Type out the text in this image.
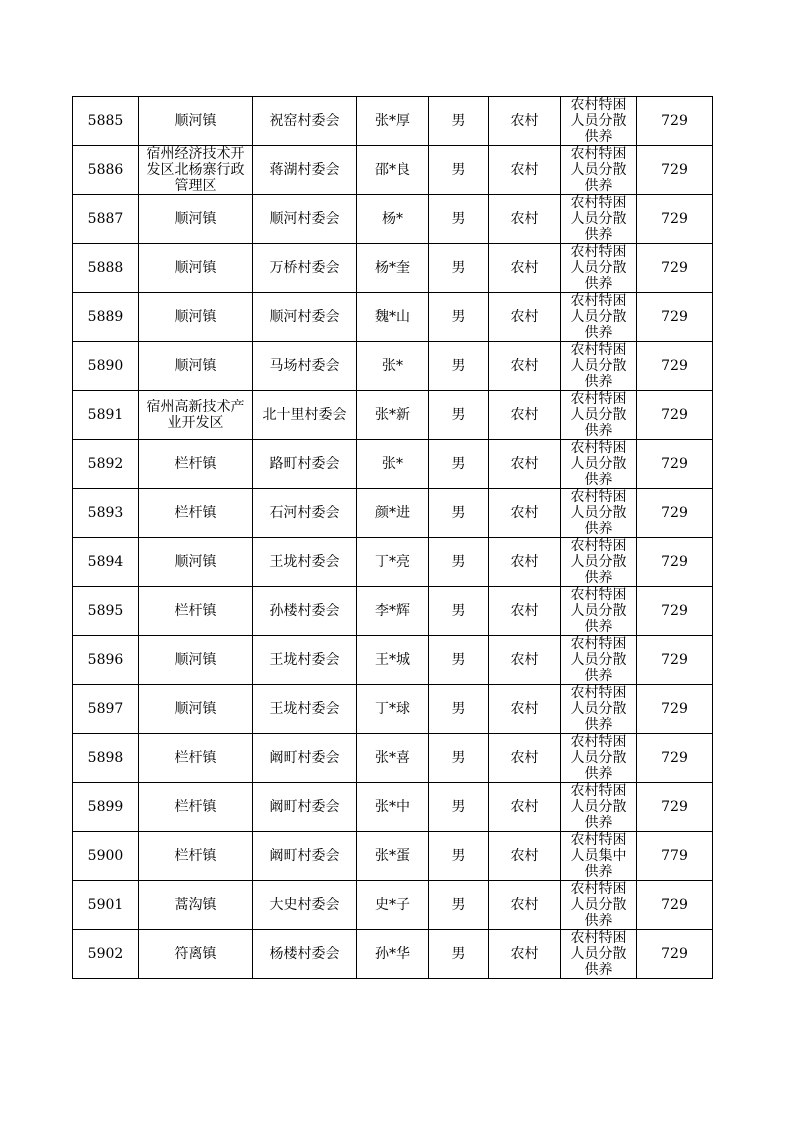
5885	顺河镇	祝窑村委会	张*厚	男	农村	农村特困人员分散供养	729

5886	宿州经济技术开发区北杨寨行政管理区	蒋湖村委会	邵*良	男	农村	农村特困人员分散供养	729

5887	顺河镇	顺河村委会	杨*	男	农村	农村特困人员分散供养	729

5888	顺河镇	万桥村委会	杨*奎	男	农村	农村特困人员分散供养	729

5889	顺河镇	顺河村委会	魏*山	男	农村	农村特困人员分散供养	729

5890	顺河镇	马场村委会	张*	男	农村	农村特困人员分散供养	729

5891	宿州高新技术产业开发区	北十里村委会	张*新	男	农村	农村特困人员分散供养	729

5892	栏杆镇	路町村委会	张*	男	农村	农村特困人员分散供养	729

5893	栏杆镇	石河村委会	颜*进	男	农村	农村特困人员分散供养	729

5894	顺河镇	王垅村委会	丁*亮	男	农村	农村特困人员分散供养	729

5895	栏杆镇	孙楼村委会	李*辉	男	农村	农村特困人员分散供养	729

5896	顺河镇	王垅村委会	王*城	男	农村	农村特困人员分散供养	729

5897	顺河镇	王垅村委会	丁*球	男	农村	农村特困人员分散供养	729

5898	栏杆镇	阚町村委会	张*喜	男	农村	农村特困人员分散供养	729

5899	栏杆镇	阚町村委会	张*中	男	农村	农村特困人员分散供养	729

5900	栏杆镇	阚町村委会	张*蛋	男	农村	农村特困人员集中供养	779

5901	蒿沟镇	大史村委会	史*子	男	农村	农村特困人员分散供养	729

5902	符离镇	杨楼村委会	孙*华	男	农村	农村特困人员分散供养	729
